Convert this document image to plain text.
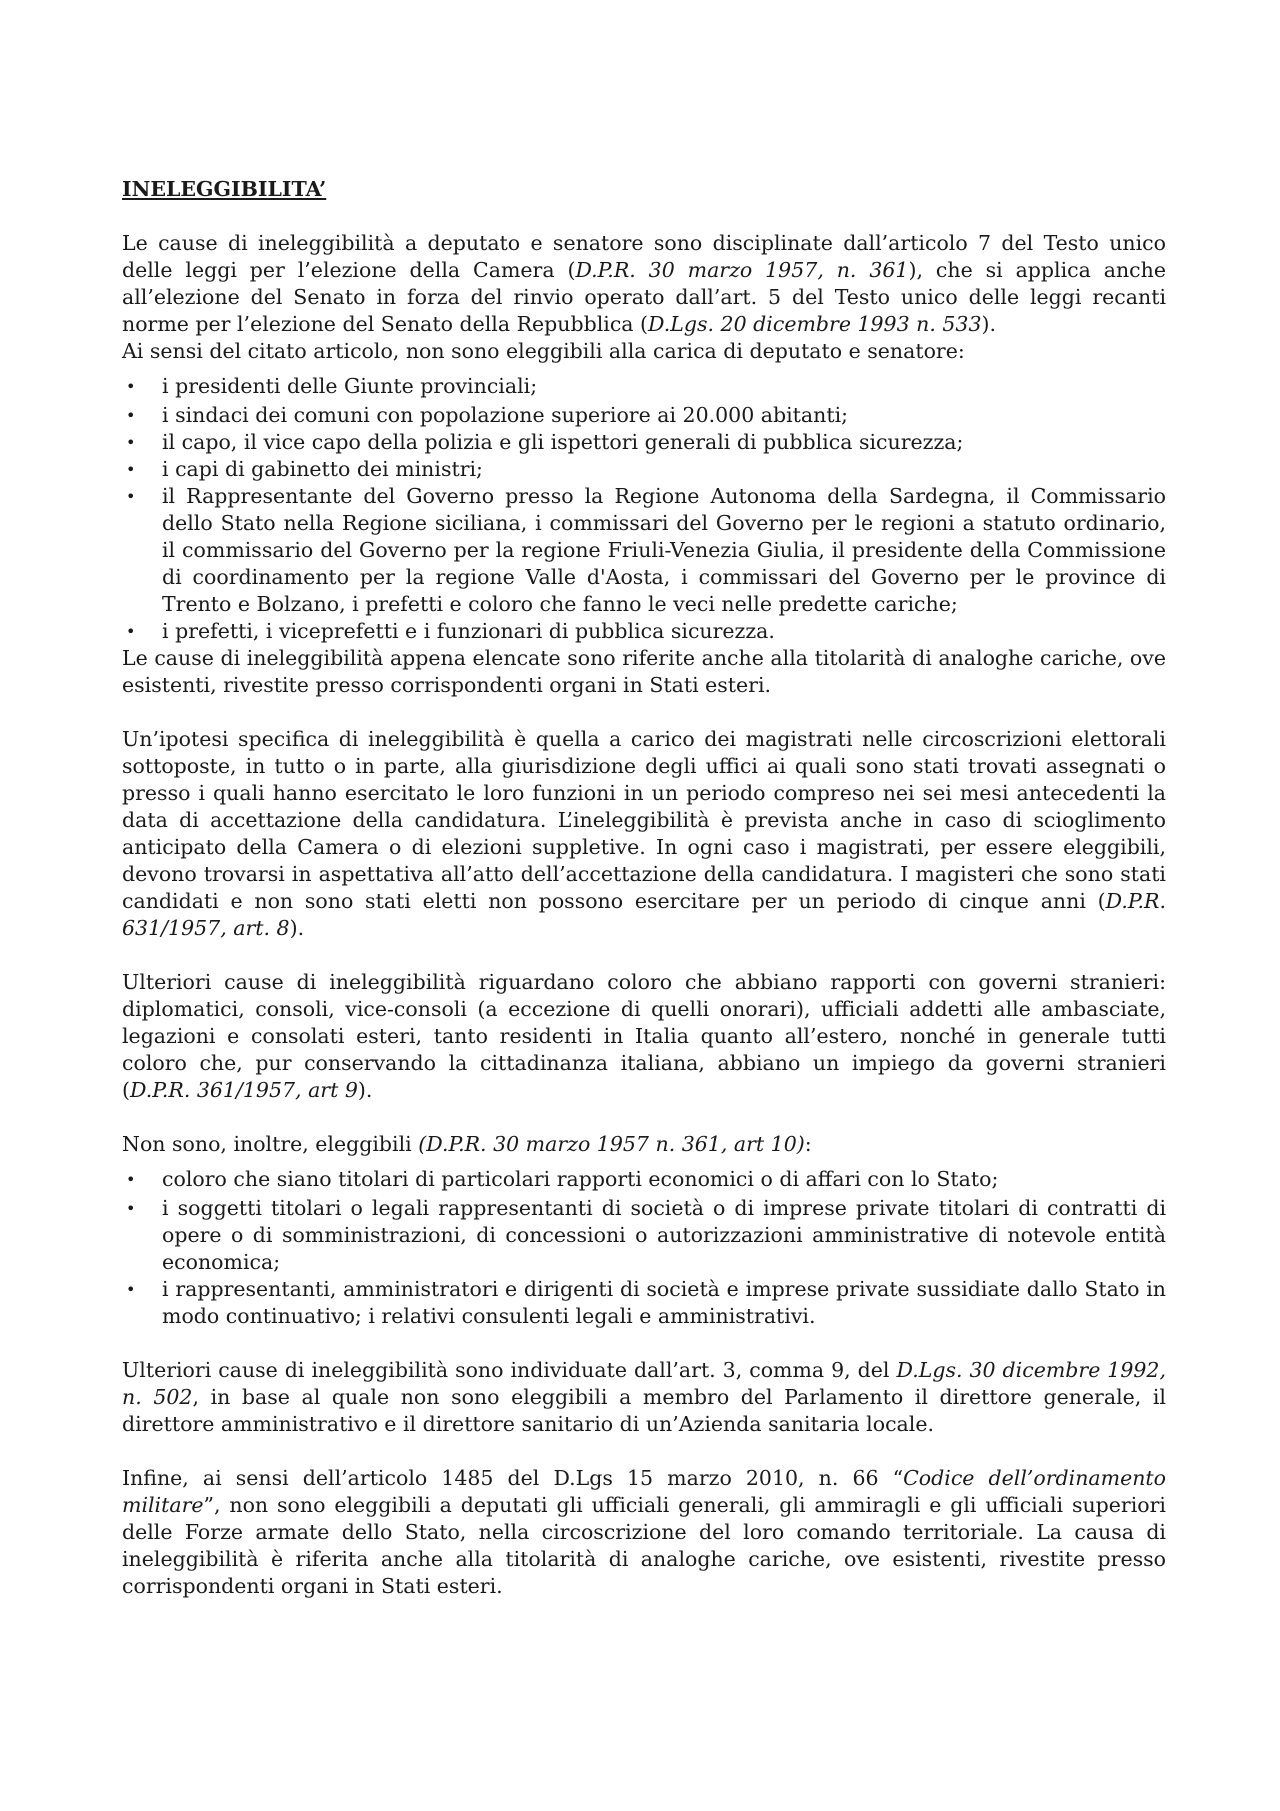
INELEGGIBILITA’

Le cause di ineleggibilità a deputato e senatore sono disciplinate dall’articolo 7 del Testo unico delle leggi per l’elezione della Camera (D.P.R. 30 marzo 1957, n. 361), che si applica anche all’elezione del Senato in forza del rinvio operato dall’art. 5 del Testo unico delle leggi recanti norme per l’elezione del Senato della Repubblica (D.Lgs. 20 dicembre 1993 n. 533).

Ai sensi del citato articolo, non sono eleggibili alla carica di deputato e senatore:

• i presidenti delle Giunte provinciali;
• i sindaci dei comuni con popolazione superiore ai 20.000 abitanti;
• il capo, il vice capo della polizia e gli ispettori generali di pubblica sicurezza;
• i capi di gabinetto dei ministri;
• il Rappresentante del Governo presso la Regione Autonoma della Sardegna, il Commissario dello Stato nella Regione siciliana, i commissari del Governo per le regioni a statuto ordinario, il commissario del Governo per la regione Friuli-Venezia Giulia, il presidente della Commissione di coordinamento per la regione Valle d'Aosta, i commissari del Governo per le province di Trento e Bolzano, i prefetti e coloro che fanno le veci nelle predette cariche;
• i prefetti, i viceprefetti e i funzionari di pubblica sicurezza.

Le cause di ineleggibilità appena elencate sono riferite anche alla titolarità di analoghe cariche, ove esistenti, rivestite presso corrispondenti organi in Stati esteri.

Un’ipotesi specifica di ineleggibilità è quella a carico dei magistrati nelle circoscrizioni elettorali sottoposte, in tutto o in parte, alla giurisdizione degli uffici ai quali sono stati trovati assegnati o presso i quali hanno esercitato le loro funzioni in un periodo compreso nei sei mesi antecedenti la data di accettazione della candidatura. L’ineleggibilità è prevista anche in caso di scioglimento anticipato della Camera o di elezioni suppletive. In ogni caso i magistrati, per essere eleggibili, devono trovarsi in aspettativa all’atto dell’accettazione della candidatura. I magisteri che sono stati candidati e non sono stati eletti non possono esercitare per un periodo di cinque anni (D.P.R. 631/1957, art. 8).

Ulteriori cause di ineleggibilità riguardano coloro che abbiano rapporti con governi stranieri: diplomatici, consoli, vice-consoli (a eccezione di quelli onorari), ufficiali addetti alle ambasciate, legazioni e consolati esteri, tanto residenti in Italia quanto all’estero, nonché in generale tutti coloro che, pur conservando la cittadinanza italiana, abbiano un impiego da governi stranieri (D.P.R. 361/1957, art 9).

Non sono, inoltre, eleggibili (D.P.R. 30 marzo 1957 n. 361, art 10):

• coloro che siano titolari di particolari rapporti economici o di affari con lo Stato;
• i soggetti titolari o legali rappresentanti di società o di imprese private titolari di contratti di opere o di somministrazioni, di concessioni o autorizzazioni amministrative di notevole entità economica;
• i rappresentanti, amministratori e dirigenti di società e imprese private sussidiate dallo Stato in modo continuativo; i relativi consulenti legali e amministrativi.

Ulteriori cause di ineleggibilità sono individuate dall’art. 3, comma 9, del D.Lgs. 30 dicembre 1992, n. 502, in base al quale non sono eleggibili a membro del Parlamento il direttore generale, il direttore amministrativo e il direttore sanitario di un’Azienda sanitaria locale.

Infine, ai sensi dell’articolo 1485 del D.Lgs 15 marzo 2010, n. 66 “Codice dell’ordinamento militare”, non sono eleggibili a deputati gli ufficiali generali, gli ammiragli e gli ufficiali superiori delle Forze armate dello Stato, nella circoscrizione del loro comando territoriale. La causa di ineleggibilità è riferita anche alla titolarità di analoghe cariche, ove esistenti, rivestite presso corrispondenti organi in Stati esteri.
